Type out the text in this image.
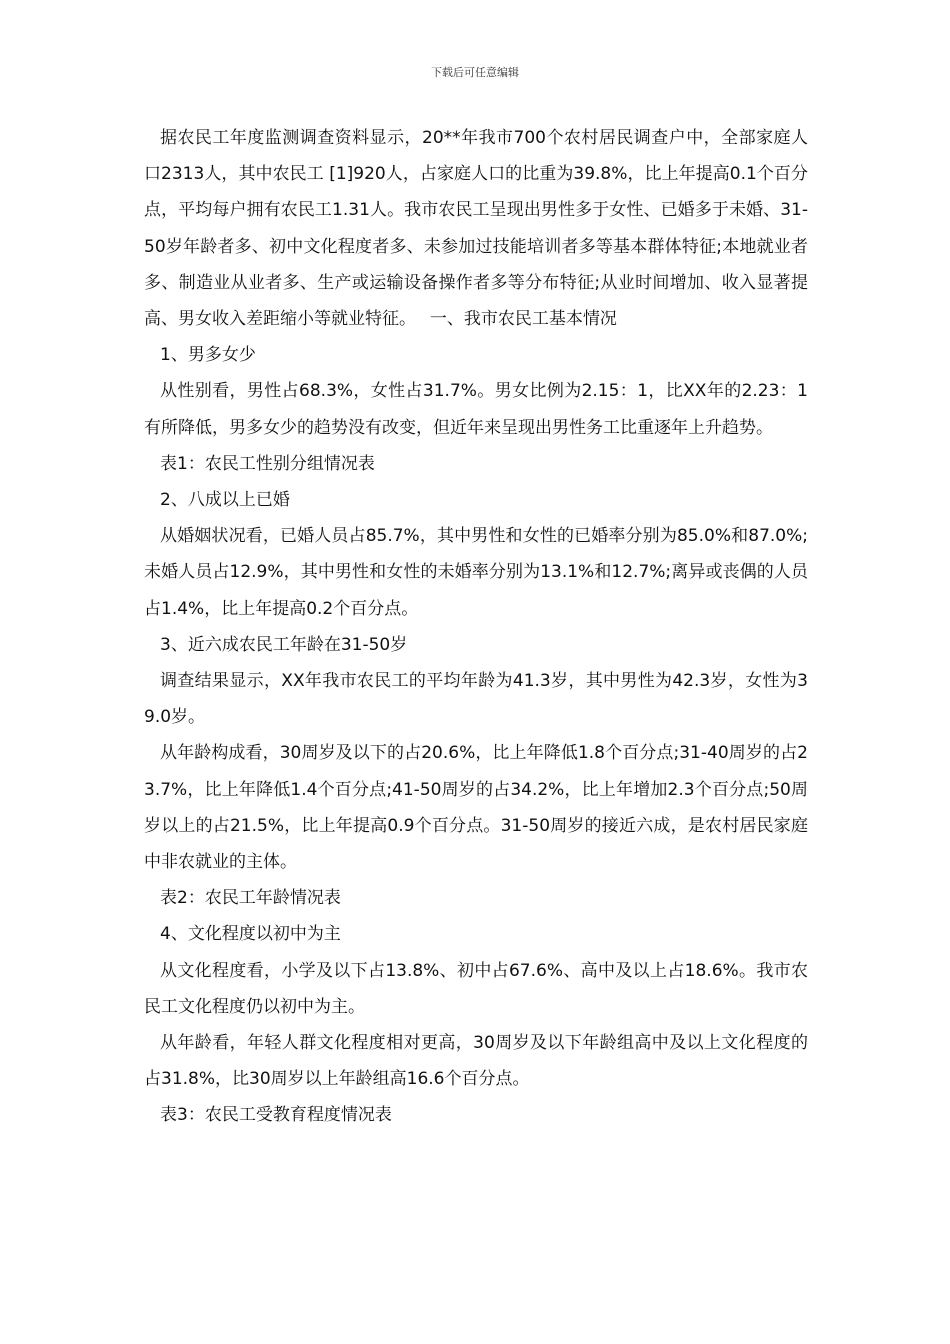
下载后可任意编辑

据农民工年度监测调查资料显示，20**年我市700个农村居民调查户中，全部家庭人口2313人，其中农民工 [1]920人，占家庭人口的比重为39.8%，比上年提高0.1个百分点，平均每户拥有农民工1.31人。我市农民工呈现出男性多于女性、已婚多于未婚、31-50岁年龄者多、初中文化程度者多、未参加过技能培训者多等基本群体特征;本地就业者多、制造业从业者多、生产或运输设备操作者多等分布特征;从业时间增加、收入显著提高、男女收入差距缩小等就业特征。　 一、我市农民工基本情况

1、男多女少

从性别看，男性占68.3%，女性占31.7%。男女比例为2.15：1，比XX年的2.23：1有所降低，男多女少的趋势没有改变，但近年来呈现出男性务工比重逐年上升趋势。

表1：农民工性别分组情况表

2、八成以上已婚

从婚姻状况看，已婚人员占85.7%，其中男性和女性的已婚率分别为85.0%和87.0%;未婚人员占12.9%，其中男性和女性的未婚率分别为13.1%和12.7%;离异或丧偶的人员占1.4%，比上年提高0.2个百分点。

3、近六成农民工年龄在31-50岁

调查结果显示，XX年我市农民工的平均年龄为41.3岁，其中男性为42.3岁，女性为39.0岁。

从年龄构成看，30周岁及以下的占20.6%，比上年降低1.8个百分点;31-40周岁的占23.7%，比上年降低1.4个百分点;41-50周岁的占34.2%，比上年增加2.3个百分点;50周岁以上的占21.5%，比上年提高0.9个百分点。31-50周岁的接近六成，是农村居民家庭中非农就业的主体。

表2：农民工年龄情况表

4、文化程度以初中为主

从文化程度看，小学及以下占13.8%、初中占67.6%、高中及以上占18.6%。我市农民工文化程度仍以初中为主。

从年龄看，年轻人群文化程度相对更高，30周岁及以下年龄组高中及以上文化程度的占31.8%，比30周岁以上年龄组高16.6个百分点。

表3：农民工受教育程度情况表
